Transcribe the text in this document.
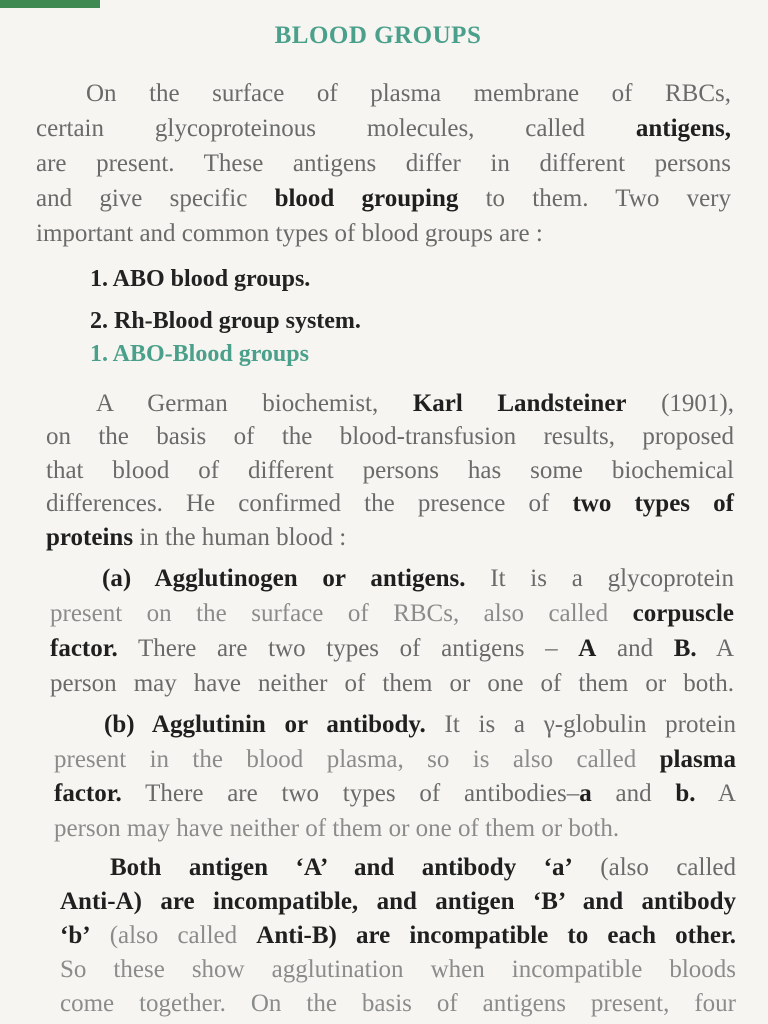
BLOOD GROUPS
On the surface of plasma membrane of RBCs,
certain glycoproteinous molecules, called antigens,
are present. These antigens differ in different persons
and give specific blood grouping to them. Two very
important and common types of blood groups are :
1. ABO blood groups.
2. Rh-Blood group system.
1. ABO-Blood groups
A German biochemist, Karl Landsteiner (1901),
on the basis of the blood-transfusion results, proposed
that blood of different persons has some biochemical
differences. He confirmed the presence of two types of
proteins in the human blood :
(a) Agglutinogen or antigens. It is a glycoprotein
present on the surface of RBCs, also called corpuscle
factor. There are two types of antigens – A and B. A
person may have neither of them or one of them or both.
(b) Agglutinin or antibody. It is a γ-globulin protein
present in the blood plasma, so is also called plasma
factor. There are two types of antibodies–a and b. A
person may have neither of them or one of them or both.
Both antigen ‘A’ and antibody ‘a’ (also called
Anti-A) are incompatible, and antigen ‘B’ and antibody
‘b’ (also called Anti-B) are incompatible to each other.
So these show agglutination when incompatible bloods
come together. On the basis of antigens present, four
